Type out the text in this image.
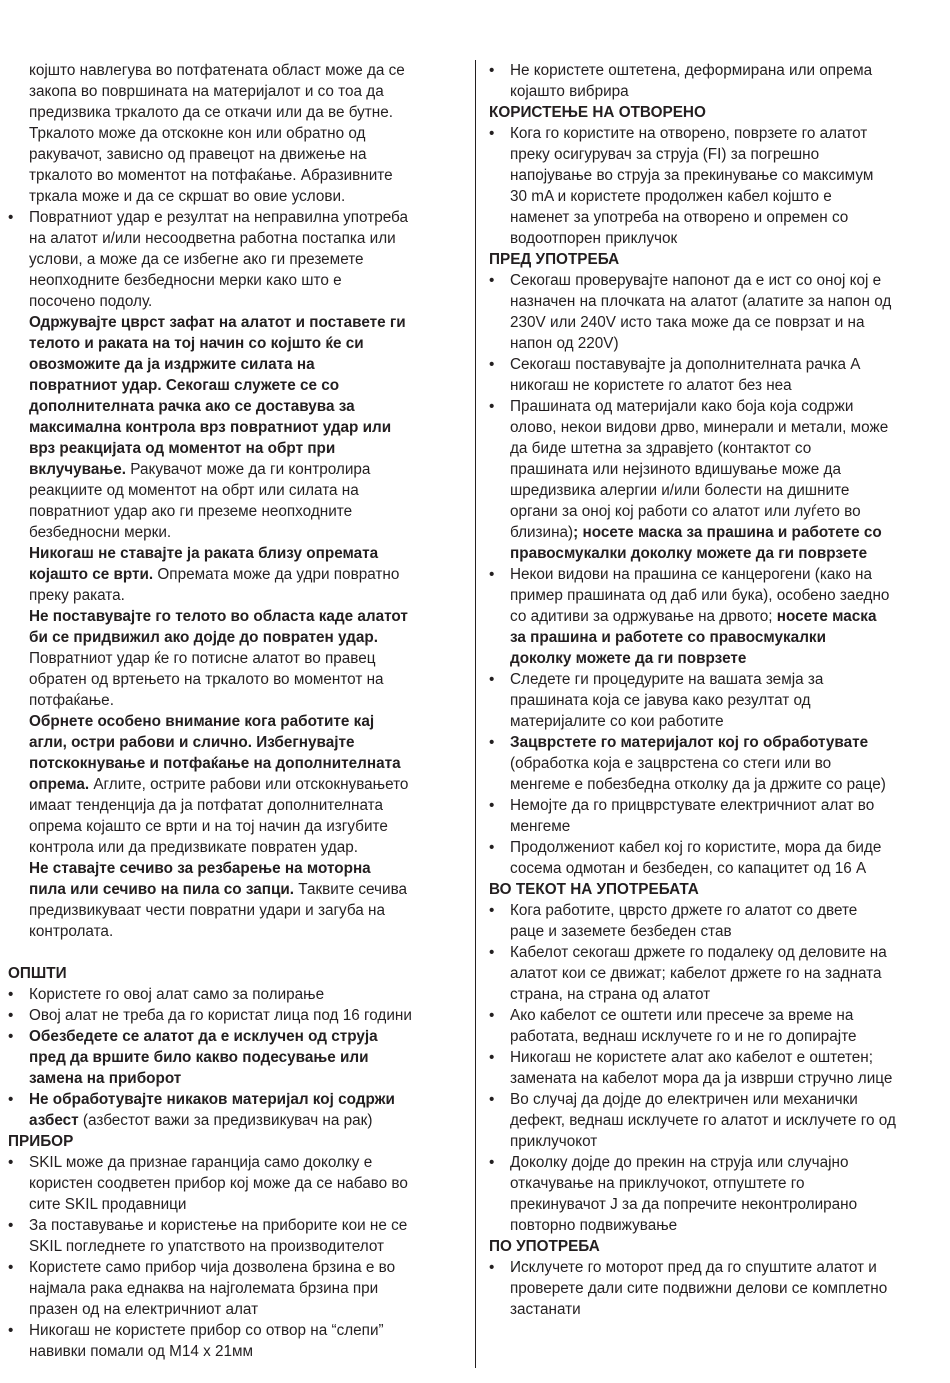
којшто навлегува во потфатената област може да се
закопа во површината на материјалот и со тоа да
предизвика тркалото да се откачи или да ве бутне.
Тркалото може да отскокне кон или обратно од
ракувачот, зависно од правецот на движење на
тркалото во моментот на потфаќање. Абразивните
тркала може и да се скршат во овие услови.

• Повратниот удар е резултат на неправилна употреба
на алатот и/или несоодветна работна постапка или
услови, а може да се избегне ако ги преземете
неопходните безбедносни мерки како што е
посочено подолу.

Одржувајте цврст зафат на алатот и поставете ги
телото и раката на тој начин со којшто ќе си
овозможите да ја издржите силата на
повратниот удар. Секогаш служете се со
дополнителната рачка ако се доставува за
максимална контрола врз повратниот удар или
врз реакцијата од моментот на обрт при
вклучување. Ракувачот може да ги контролира
реакциите од моментот на обрт или силата на
повратниот удар ако ги преземе неопходните
безбедносни мерки.

Никогаш не ставајте ја раката близу опремата
којашто се врти. Опремата може да удри повратно
преку раката.

Не поставувајте го телото во областа каде алатот
би се придвижил ако дојде до повратен удар.
Повратниот удар ќе го потисне алатот во правец
обратен од вртењето на тркалото во моментот на
потфаќање.

Обрнете особено внимание кога работите кај
агли, остри рабови и слично. Избегнувајте
потскокнување и потфаќање на дополнителната
опрема. Аглите, острите рабови или отскокнувањето
имаат тенденција да ја потфатат дополнителната
опрема којашто се врти и на тој начин да изгубите
контрола или да предизвикате повратен удар.

Не ставајте сечиво за резбарење на моторна
пила или сечиво на пила со запци. Таквите сечива
предизвикуваат чести повратни удари и загуба на
контролата.

ОПШТИ

• Користете го овој алат само за полирање

• Овој алат не треба да го користат лица под 16 години

• Обезбедете се алатот да е исклучен од струја
пред да вршите било какво подесување или
замена на приборот

• Не обработувајте никаков материјал кој содржи
азбест (азбестот важи за предизвикувач на рак)

ПРИБОР

• SKIL може да признае гаранција само доколку е
користен соодветен прибор кој може да се набаво во
сите SKIL продавници

• За поставување и користење на приборите кои не се
SKIL погледнете го упатството на производителот

• Користете само прибор чија дозволена брзина е во
најмала рака еднаква на најголемата брзина при
празен од на електричниот алат

• Никогаш не користете прибор со отвор на “слепи”
навивки помали од M14 x 21мм

• Не користете оштетена, деформирана или опрема
којашто вибрира

КОРИСТЕЊЕ НА ОТВОРЕНО

• Кога го користите на отворено, поврзете го алатот
преку осигурувач за струја (FI) за погрешно
напојување во струја за прекинување со максимум
30 mA и користете продолжен кабел којшто е
наменет за употреба на отворено и опремен со
водоотпорен приклучок

ПРЕД УПОТРЕБА

• Секогаш проверувајте напонот да е ист со оној кој е
назначен на плочката на алатот (алатите за напон од
230V или 240V исто така може да се поврзат и на
напон од 220V)

• Секогаш поставувајте ја дополнителната рачка A
никогаш не користете го алатот без неа

• Прашината од материјали како боја која содржи
олово, некои видови дрво, минерали и метали, може
да биде штетна за здравјето (контактот со
прашината или нејзиното вдишување може да
шредизвика алергии и/или болести на дишните
органи за оној кој работи со алатот или луѓето во
близина); носете маска за прашина и работете со
правосмукалки доколку можете да ги поврзете

• Некои видови на прашина се канцерогени (како на
пример прашината од даб или бука), особено заедно
со адитиви за одржување на дрвото; носете маска
за прашина и работете со правосмукалки
доколку можете да ги поврзете

• Следете ги процедурите на вашата земја за
прашината која се јавува како резултат од
материјалите со кои работите

• Зацврстете го материјалот кој го обработувате
(обработка која е зацврстена со стеги или во
менгеме е побезбедна отколку да ја држите со раце)

• Немојте да го прицврстувате електричниот алат во
менгеме

• Продолжениот кабел кој го користите, мора да биде
сосема одмотан и безбеден, со капацитет од 16 A

ВО ТЕКОТ НА УПОТРЕБАТА

• Кога работите, цврсто држете го алатот со двете
раце и заземете безбеден став

• Кабелот секогаш држете го подалеку од деловите на
алатот кои се движат; кабелот држете го на задната
страна, на страна од алатот

• Ако кабелот се оштети или пресече за време на
работата, веднаш исклучете го и не го допирајте

• Никогаш не користете алат ако кабелот е оштетен;
замената на кабелот мора да ја изврши стручно лице

• Во случај да дојде до електричен или механички
дефект, веднаш исклучете го алатот и исклучете го од
приклучокот

• Доколку дојде до прекин на струја или случајно
откачување на приклучокот, отпуштете го
прекинувачот J за да попречите неконтролирано
повторно подвижување

ПО УПОТРЕБА

• Исклучете го моторот пред да го спуштите алатот и
проверете дали сите подвижни делови се комплетно
застанати
